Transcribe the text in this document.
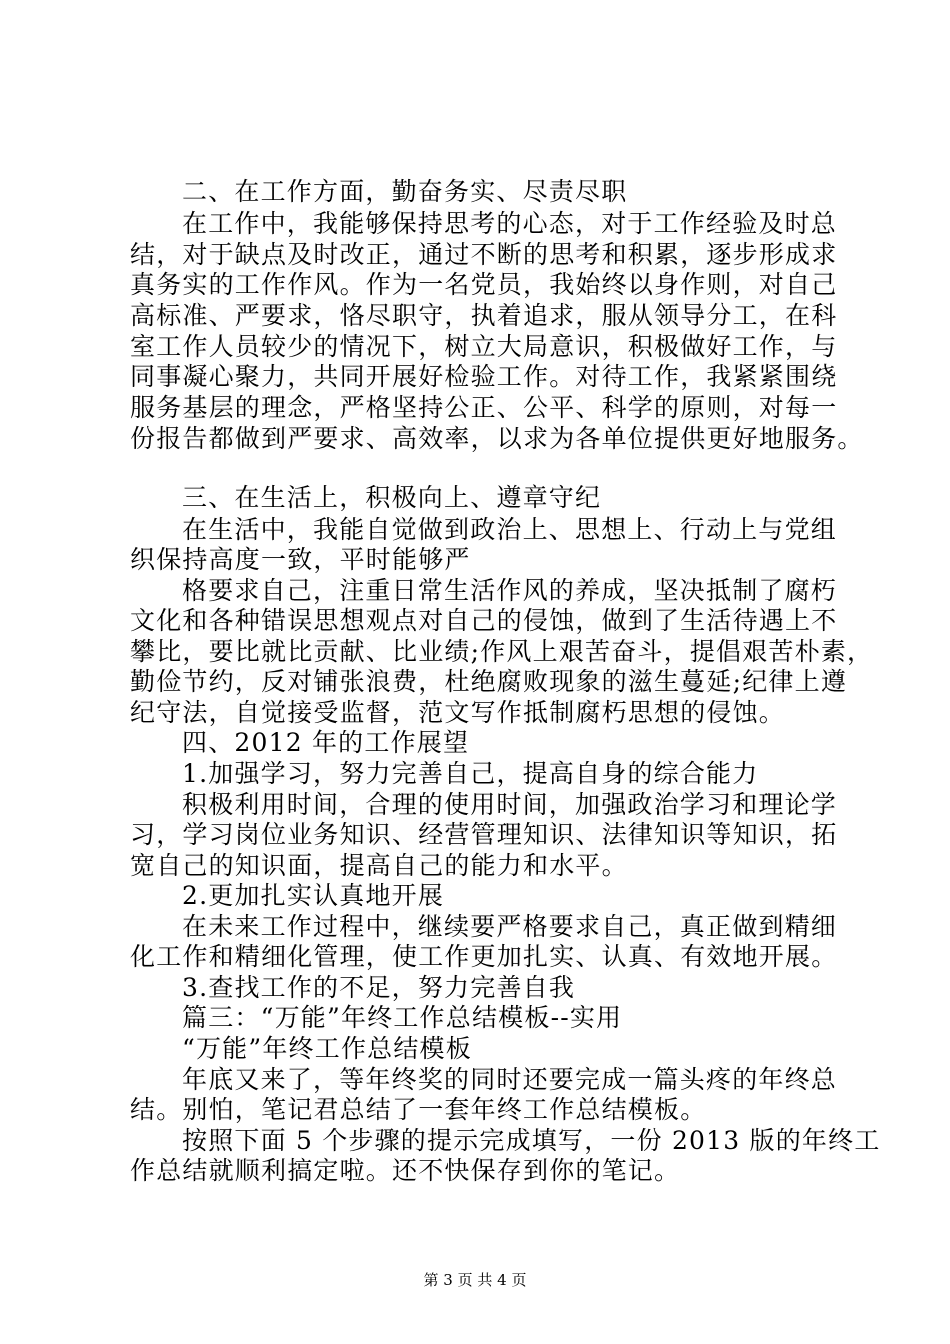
二、在工作方面，勤奋务实、尽责尽职
在工作中，我能够保持思考的心态，对于工作经验及时总
结，对于缺点及时改正，通过不断的思考和积累，逐步形成求
真务实的工作作风。作为一名党员，我始终以身作则，对自己
高标准、严要求，恪尽职守，执着追求，服从领导分工，在科
室工作人员较少的情况下，树立大局意识，积极做好工作，与
同事凝心聚力，共同开展好检验工作。对待工作，我紧紧围绕
服务基层的理念，严格坚持公正、公平、科学的原则，对每一
份报告都做到严要求、高效率，以求为各单位提供更好地服务。
三、在生活上，积极向上、遵章守纪
在生活中，我能自觉做到政治上、思想上、行动上与党组
织保持高度一致，平时能够严
格要求自己，注重日常生活作风的养成，坚决抵制了腐朽
文化和各种错误思想观点对自己的侵蚀，做到了生活待遇上不
攀比，要比就比贡献、比业绩;作风上艰苦奋斗，提倡艰苦朴素，
勤俭节约，反对铺张浪费，杜绝腐败现象的滋生蔓延;纪律上遵
纪守法，自觉接受监督，范文写作抵制腐朽思想的侵蚀。
四、2012 年的工作展望
1.加强学习，努力完善自己，提高自身的综合能力
积极利用时间，合理的使用时间，加强政治学习和理论学
习，学习岗位业务知识、经营管理知识、法律知识等知识，拓
宽自己的知识面，提高自己的能力和水平。
2.更加扎实认真地开展
在未来工作过程中，继续要严格要求自己，真正做到精细
化工作和精细化管理，使工作更加扎实、认真、有效地开展。
3.查找工作的不足，努力完善自我
篇三：“万能”年终工作总结模板--实用
“万能”年终工作总结模板
年底又来了，等年终奖的同时还要完成一篇头疼的年终总
结。别怕，笔记君总结了一套年终工作总结模板。
按照下面 5 个步骤的提示完成填写，一份 2013 版的年终工
作总结就顺利搞定啦。还不快保存到你的笔记。
第 3 页 共 4 页
